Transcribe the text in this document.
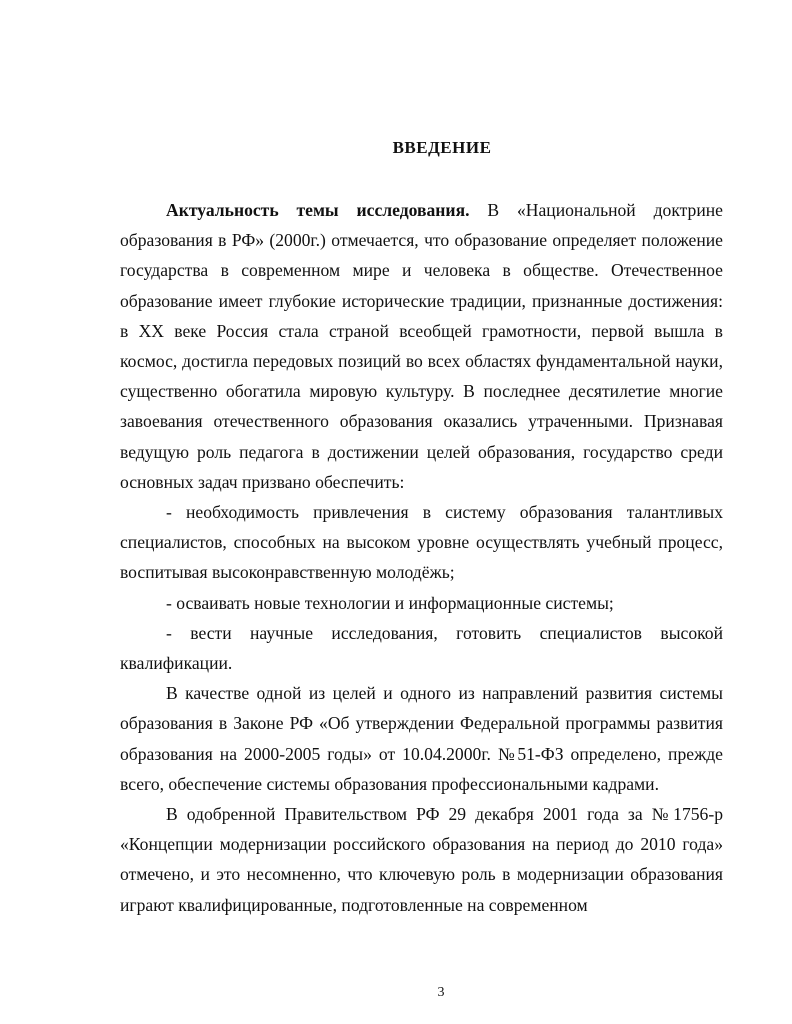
ВВЕДЕНИЕ

Актуальность темы исследования. В «Национальной доктрине образования в РФ» (2000г.) отмечается, что образование определяет положение государства в современном мире и человека в обществе. Отечественное образование имеет глубокие исторические традиции, признанные достижения: в XX веке Россия стала страной всеобщей грамотности, первой вышла в космос, достигла передовых позиций во всех областях фундаментальной науки, существенно обогатила мировую культуру. В последнее десятилетие многие завоевания отечественного образования оказались утраченными. Признавая ведущую роль педагога в достижении целей образования, государство среди основных задач призвано обеспечить:

- необходимость привлечения в систему образования талантливых специалистов, способных на высоком уровне осуществлять учебный процесс, воспитывая высоконравственную молодёжь;

- осваивать новые технологии и информационные системы;

- вести научные исследования, готовить специалистов высокой квалификации.

В качестве одной из целей и одного из направлений развития системы образования в Законе РФ «Об утверждении Федеральной программы развития образования на 2000-2005 годы» от 10.04.2000г. №51-ФЗ определено, прежде всего, обеспечение системы образования профессиональными кадрами.

В одобренной Правительством РФ 29 декабря 2001 года за №1756-р «Концепции модернизации российского образования на период до 2010 года» отмечено, и это несомненно, что ключевую роль в модернизации образования играют квалифицированные, подготовленные на современном

3
